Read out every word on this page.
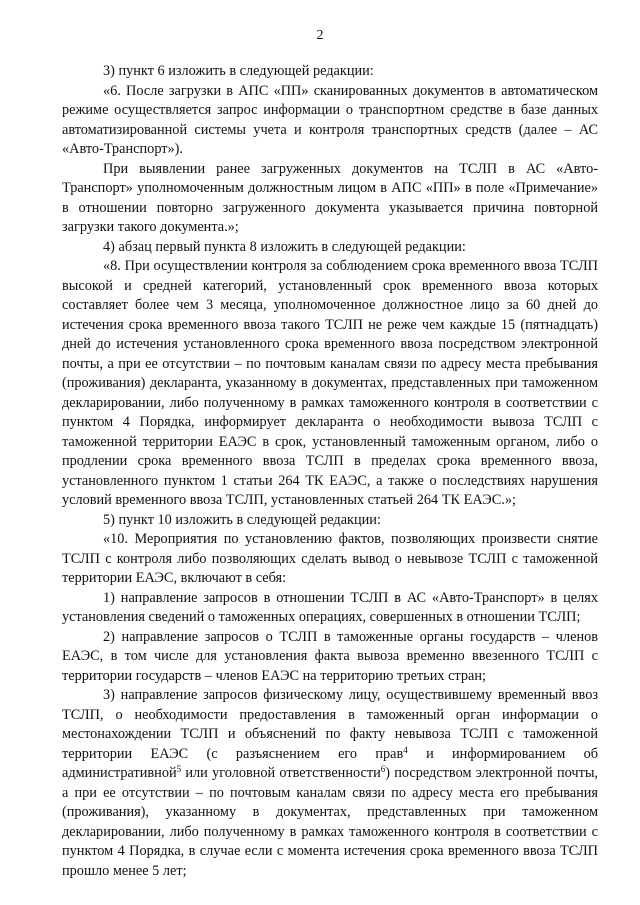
2

3) пункт 6 изложить в следующей редакции:

«6. После загрузки в АПС «ПП» сканированных документов в автоматическом режиме осуществляется запрос информации о транспортном средстве в базе данных автоматизированной системы учета и контроля транспортных средств (далее – АС «Авто-Транспорт»).

При выявлении ранее загруженных документов на ТСЛП в АС «Авто-Транспорт» уполномоченным должностным лицом в АПС «ПП» в поле «Примечание» в отношении повторно загруженного документа указывается причина повторной загрузки такого документа.»;

4) абзац первый пункта 8 изложить в следующей редакции:

«8. При осуществлении контроля за соблюдением срока временного ввоза ТСЛП высокой и средней категорий, установленный срок временного ввоза которых составляет более чем 3 месяца, уполномоченное должностное лицо за 60 дней до истечения срока временного ввоза такого ТСЛП не реже чем каждые 15 (пятнадцать) дней до истечения установленного срока временного ввоза посредством электронной почты, а при ее отсутствии – по почтовым каналам связи по адресу места пребывания (проживания) декларанта, указанному в документах, представленных при таможенном декларировании, либо полученному в рамках таможенного контроля в соответствии с пунктом 4 Порядка, информирует декларанта о необходимости вывоза ТСЛП с таможенной территории ЕАЭС в срок, установленный таможенным органом, либо о продлении срока временного ввоза ТСЛП в пределах срока временного ввоза, установленного пунктом 1 статьи 264 ТК ЕАЭС, а также о последствиях нарушения условий временного ввоза ТСЛП, установленных статьей 264 ТК ЕАЭС.»;

5) пункт 10 изложить в следующей редакции:

«10. Мероприятия по установлению фактов, позволяющих произвести снятие ТСЛП с контроля либо позволяющих сделать вывод о невывозе ТСЛП с таможенной территории ЕАЭС, включают в себя:

1) направление запросов в отношении ТСЛП в АС «Авто-Транспорт» в целях установления сведений о таможенных операциях, совершенных в отношении ТСЛП;

2) направление запросов о ТСЛП в таможенные органы государств – членов ЕАЭС, в том числе для установления факта вывоза временно ввезенного ТСЛП с территории государств – членов ЕАЭС на территорию третьих стран;

3) направление запросов физическому лицу, осуществившему временный ввоз ТСЛП, о необходимости предоставления в таможенный орган информации о местонахождении ТСЛП и объяснений по факту невывоза ТСЛП с таможенной территории ЕАЭС (с разъяснением его прав$^4$ и информированием об административной$^5$ или уголовной ответственности$^6$) посредством электронной почты, а при ее отсутствии – по почтовым каналам связи по адресу места его пребывания (проживания), указанному в документах, представленных при таможенном декларировании, либо полученному в рамках таможенного контроля в соответствии с пунктом 4 Порядка, в случае если с момента истечения срока временного ввоза ТСЛП прошло менее 5 лет;
